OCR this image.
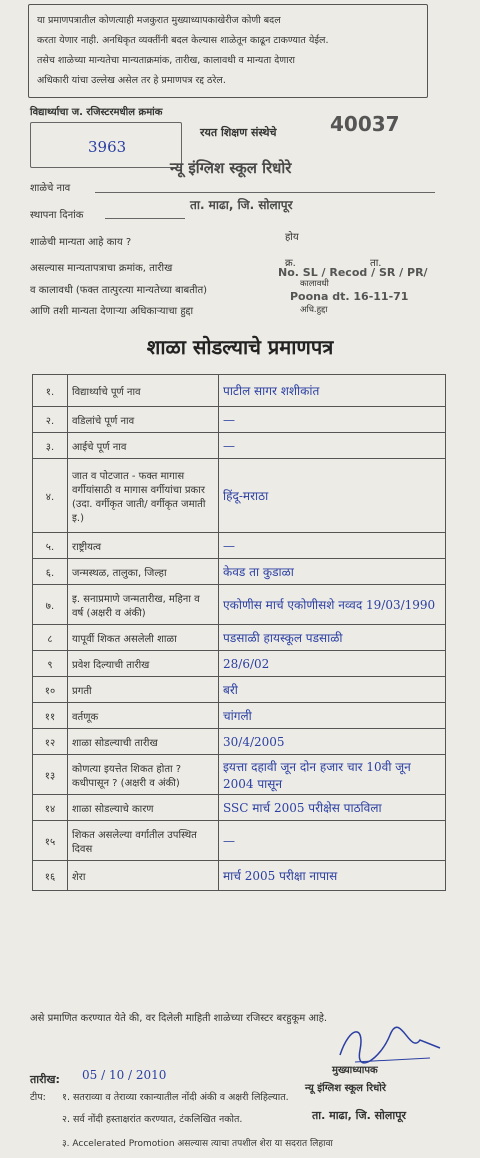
या प्रमाणपत्रातील कोणत्याही मजकुरात मुख्याध्यापकाखेरीज कोणी बदल
करता येणार नाही. अनधिकृत व्यक्तींनी बदल केल्यास शाळेतून काढून टाकण्यात येईल.
तसेच शाळेच्या मान्यतेचा मान्यताक्रमांक, तारीख, कालावधी व मान्यता देणारा
अधिकारी यांचा उल्लेख असेल तर हे प्रमाणपत्र रद्द ठरेल.
विद्यार्थ्याचा ज. रजिस्टरमधील क्रमांक
3963
रयत शिक्षण संस्थेचे	40037
शाळेचे नाव
न्यू इंग्लिश स्कूल रिधोरे
ता. माढा, जि. सोलापूर
स्थापना दिनांक
शाळेची मान्यता आहे काय ?	होय
असल्यास मान्यतापत्राचा क्रमांक, तारीख
व कालावधी (फक्त तात्पुरत्या मान्यतेच्या बाबतीत)
आणि तशी मान्यता देणाऱ्या अधिकाऱ्याचा हुद्दा
क्र.	ता.
कालावधी
अधि.हुद्दा
No. SL / Recod / SR / PR/
Poona dt. 16-11-71
शाळा सोडल्याचे प्रमाणपत्र
१.	विद्यार्थ्याचे पूर्ण नाव	पाटील सागर शशीकांत
२.	वडिलांचे पूर्ण नाव	—
३.	आईचे पूर्ण नाव	—
४.	जात व पोटजात - फक्त मागास वर्गीयांसाठी व मागास वर्गीयांचा प्रकार (उदा. वर्गीकृत जाती/ वर्गीकृत जमाती इ.)	हिंदू-मराठा
५.	राष्ट्रीयत्व	—
६.	जन्मस्थळ, तालुका, जिल्हा	केवड ता कुडाळा
७.	इ. सनाप्रमाणे जन्मतारीख, महिना व वर्ष (अक्षरी व अंकी)	एकोणीस मार्च एकोणीसशे नव्वद 19/03/1990
८	यापूर्वी शिकत असलेली शाळा	पडसाळी हायस्कूल पडसाळी
९	प्रवेश दिल्याची तारीख	28/6/02
१०	प्रगती	बरी
११	वर्तणूक	चांगली
१२	शाळा सोडल्याची तारीख	30/4/2005
१३	कोणत्या इयत्तेत शिकत होता ? कधीपासून ? (अक्षरी व अंकी)	इयत्ता दहावी जून दोन हजार चार 10वी जून 2004 पासून
१४	शाळा सोडल्याचे कारण	SSC मार्च 2005 परीक्षेस पाठविला
१५	शिकत असलेल्या वर्गातील उपस्थित दिवस	—
१६	शेरा	मार्च 2005 परीक्षा नापास
असे प्रमाणित करण्यात येते की, वर दिलेली माहिती शाळेच्या रजिस्टर बरहुकूम आहे.
तारीख: 05 / 10 / 2010	मुख्याध्यापक
न्यू इंग्लिश स्कूल रिधोरे
ता. माढा, जि. सोलापूर
टीप: १. सतराव्या व तेराव्या रकान्यातील नोंदी अंकी व अक्षरी लिहिल्यात.
२. सर्व नोंदी हस्ताक्षरांत करण्यात, टंकलिखित नकोत.
३. Accelerated Promotion असल्यास त्याचा तपशील शेरा या सदरात लिहावा
